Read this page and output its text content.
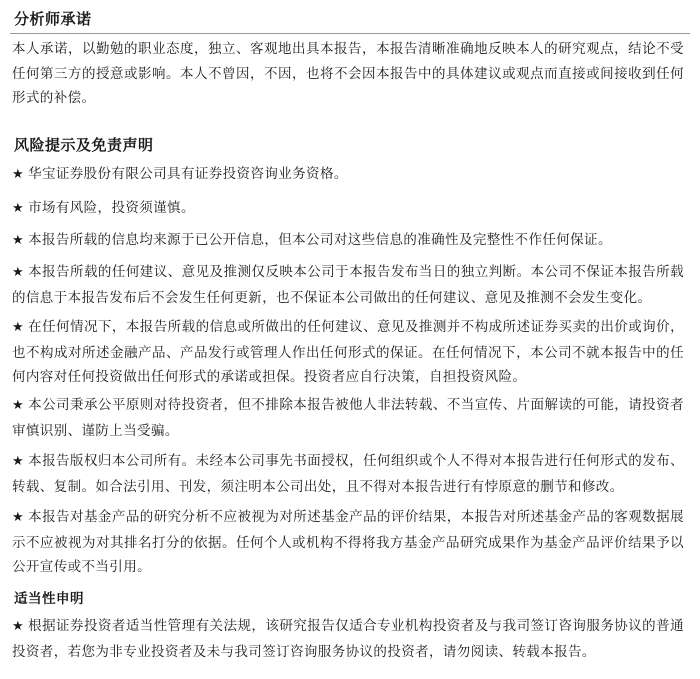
分析师承诺
本人承诺，以勤勉的职业态度，独立、客观地出具本报告，本报告清晰准确地反映本人的研究观点，结论不受任何第三方的授意或影响。本人不曾因，不因，也将不会因本报告中的具体建议或观点而直接或间接收到任何形式的补偿。
风险提示及免责声明
★ 华宝证券股份有限公司具有证券投资咨询业务资格。
★ 市场有风险，投资须谨慎。
★ 本报告所载的信息均来源于已公开信息，但本公司对这些信息的准确性及完整性不作任何保证。
★ 本报告所载的任何建议、意见及推测仅反映本公司于本报告发布当日的独立判断。本公司不保证本报告所载的信息于本报告发布后不会发生任何更新，也不保证本公司做出的任何建议、意见及推测不会发生变化。
★ 在任何情况下，本报告所载的信息或所做出的任何建议、意见及推测并不构成所述证券买卖的出价或询价，也不构成对所述金融产品、产品发行或管理人作出任何形式的保证。在任何情况下，本公司不就本报告中的任何内容对任何投资做出任何形式的承诺或担保。投资者应自行决策，自担投资风险。
★ 本公司秉承公平原则对待投资者，但不排除本报告被他人非法转载、不当宣传、片面解读的可能，请投资者审慎识别、谨防上当受骗。
★ 本报告版权归本公司所有。未经本公司事先书面授权，任何组织或个人不得对本报告进行任何形式的发布、转载、复制。如合法引用、刊发，须注明本公司出处，且不得对本报告进行有悖原意的删节和修改。
★ 本报告对基金产品的研究分析不应被视为对所述基金产品的评价结果，本报告对所述基金产品的客观数据展示不应被视为对其排名打分的依据。任何个人或机构不得将我方基金产品研究成果作为基金产品评价结果予以公开宣传或不当引用。
适当性申明
★ 根据证券投资者适当性管理有关法规，该研究报告仅适合专业机构投资者及与我司签订咨询服务协议的普通投资者，若您为非专业投资者及未与我司签订咨询服务协议的投资者，请勿阅读、转载本报告。
